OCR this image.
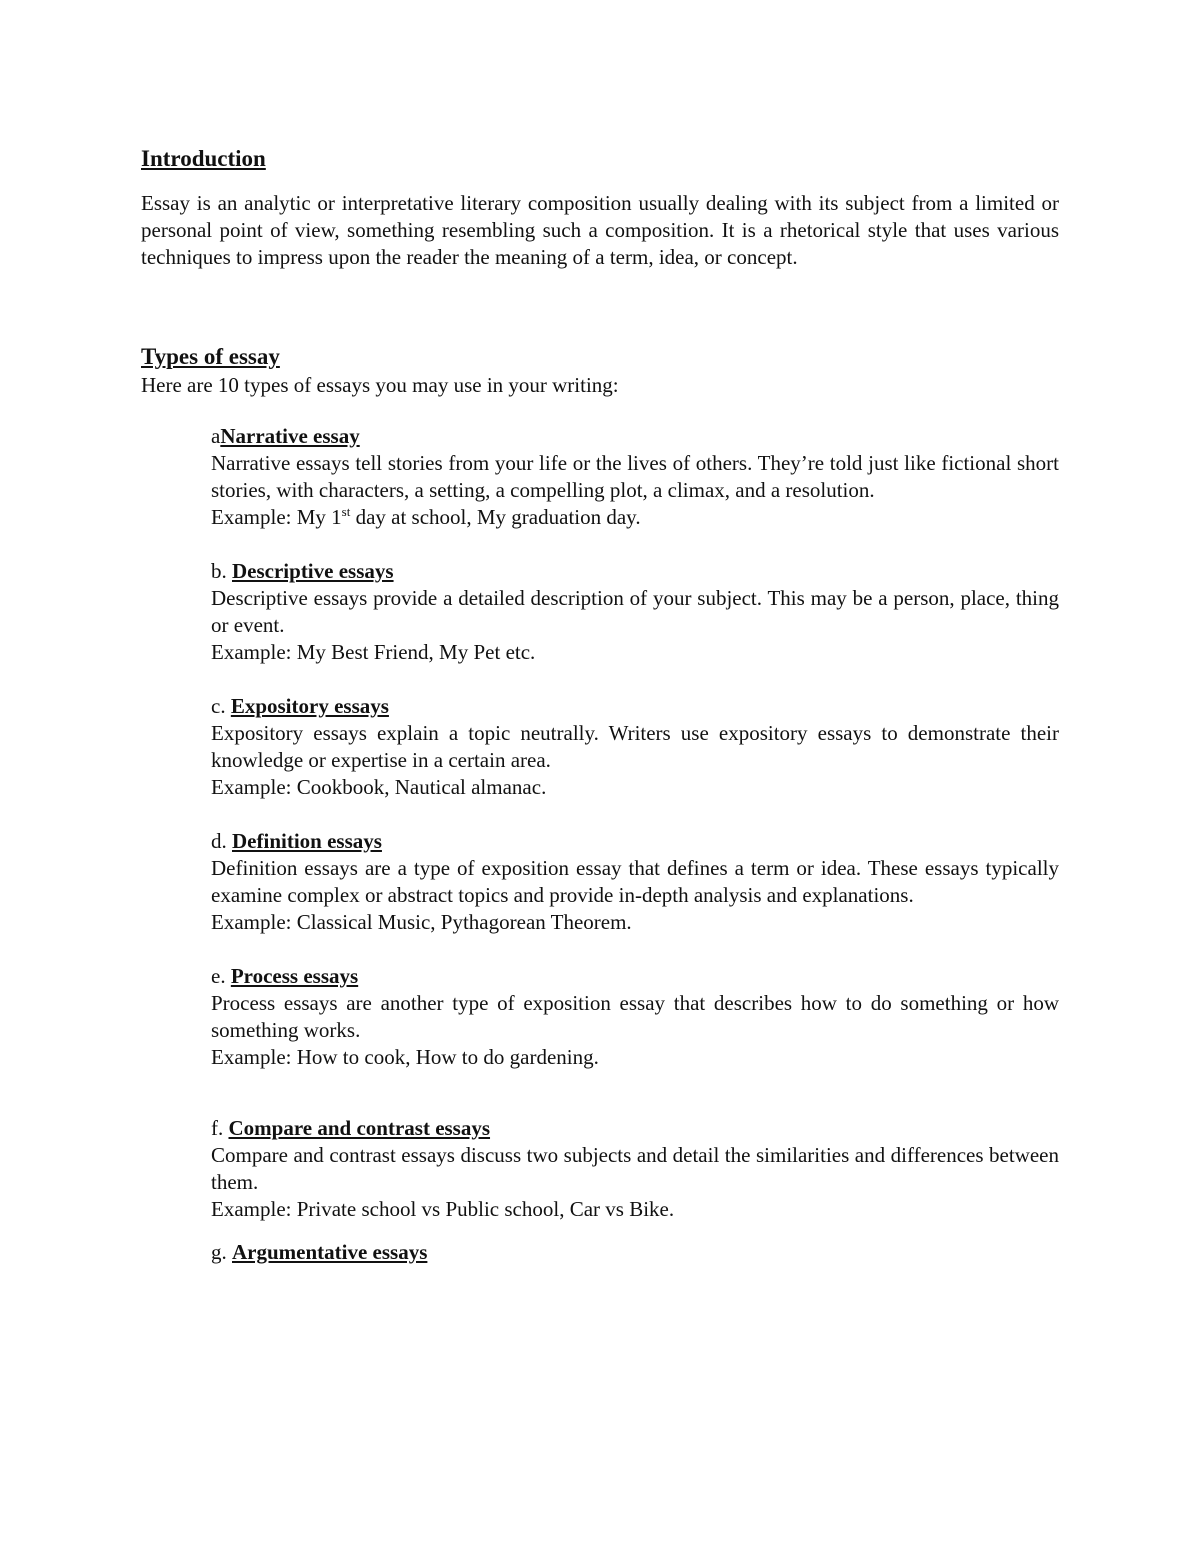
Introduction

Essay is an analytic or interpretative literary composition usually dealing with its subject from a limited or personal point of view, something resembling such a composition. It is a rhetorical style that uses various techniques to impress upon the reader the meaning of a term, idea, or concept.

Types of essay

Here are 10 types of essays you may use in your writing:

aNarrative essay

Narrative essays tell stories from your life or the lives of others. They’re told just like fictional short stories, with characters, a setting, a compelling plot, a climax, and a resolution.

Example: My 1st day at school, My graduation day.

b. Descriptive essays

Descriptive essays provide a detailed description of your subject. This may be a person, place, thing or event.

Example: My Best Friend, My Pet etc.

c. Expository essays

Expository essays explain a topic neutrally. Writers use expository essays to demonstrate their knowledge or expertise in a certain area.

Example: Cookbook, Nautical almanac.

d. Definition essays

Definition essays are a type of exposition essay that defines a term or idea. These essays typically examine complex or abstract topics and provide in-depth analysis and explanations.

Example: Classical Music, Pythagorean Theorem.

e. Process essays

Process essays are another type of exposition essay that describes how to do something or how something works.

Example: How to cook, How to do gardening.

f. Compare and contrast essays

Compare and contrast essays discuss two subjects and detail the similarities and differences between them.

Example: Private school vs Public school, Car vs Bike.

g. Argumentative essays
